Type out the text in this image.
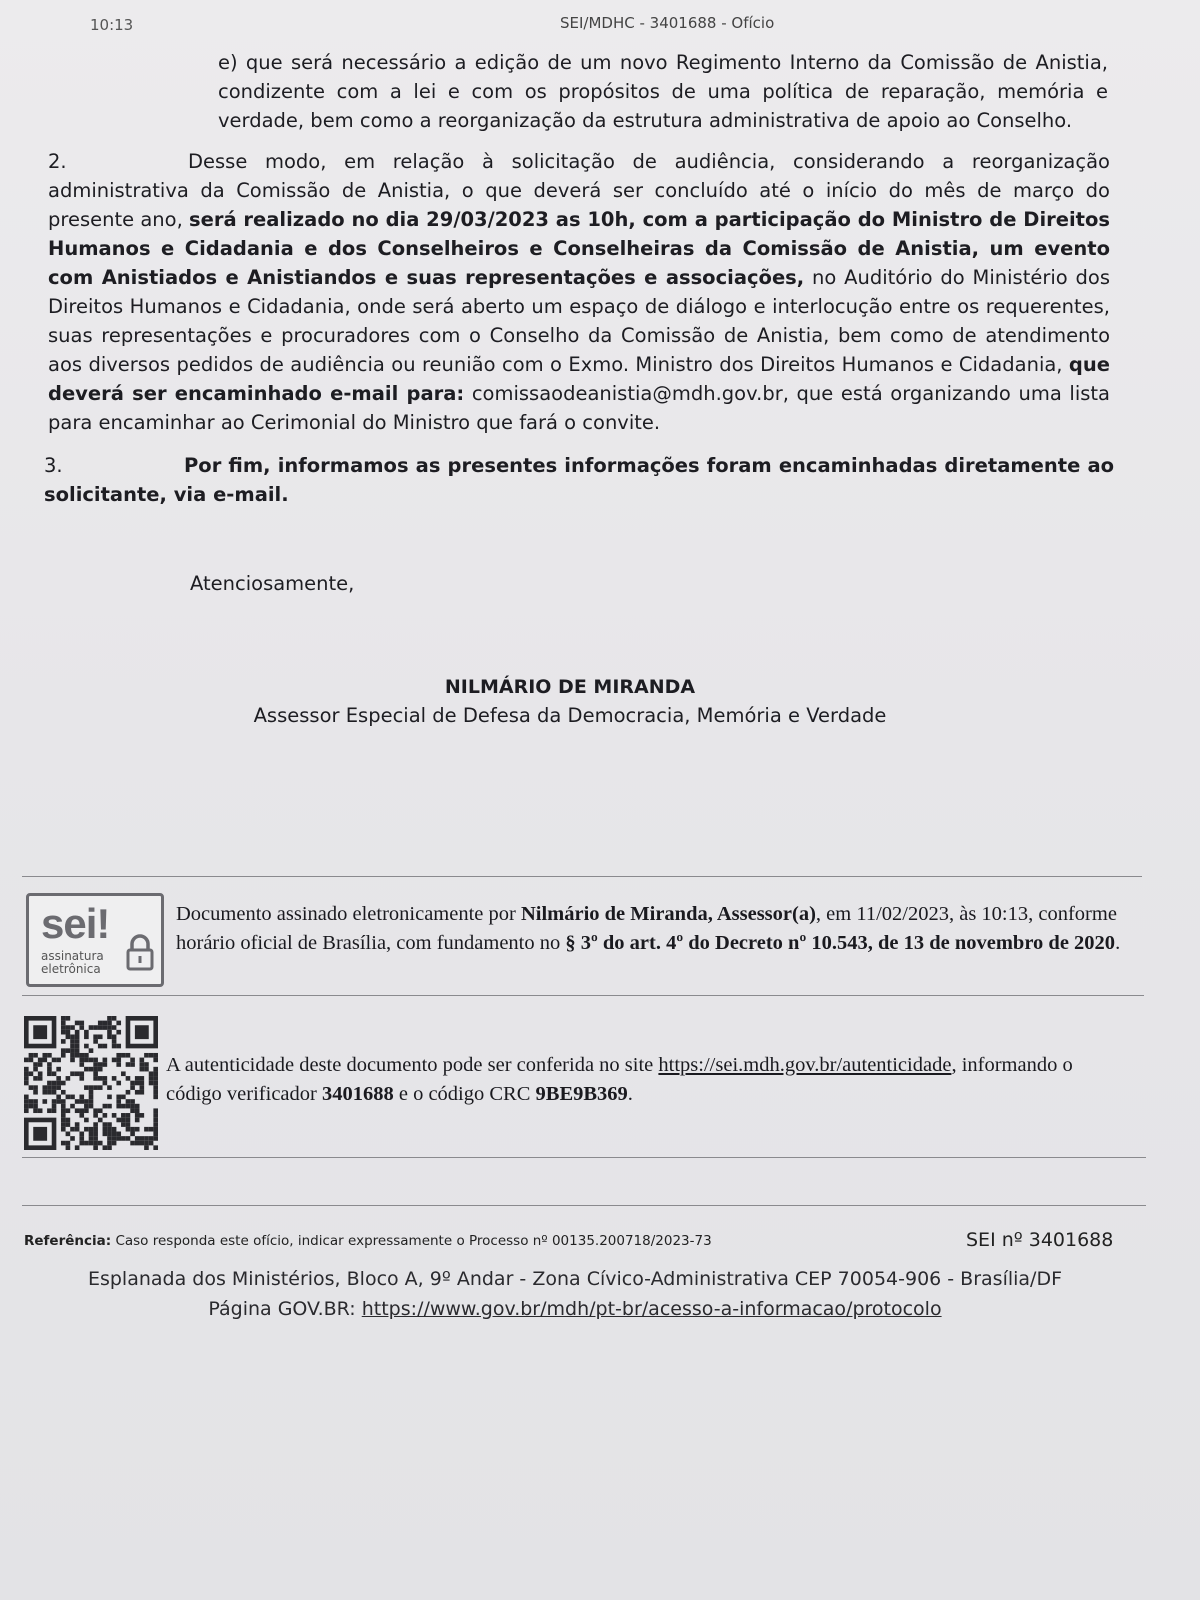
10:13	SEI/MDHC - 3401688 - Ofício
e) que será necessário a edição de um novo Regimento Interno da Comissão de Anistia, condizente com a lei e com os propósitos de uma política de reparação, memória e verdade, bem como a reorganização da estrutura administrativa de apoio ao Conselho.
2.	Desse modo, em relação à solicitação de audiência, considerando a reorganização administrativa da Comissão de Anistia, o que deverá ser concluído até o início do mês de março do presente ano, será realizado no dia 29/03/2023 as 10h, com a participação do Ministro de Direitos Humanos e Cidadania e dos Conselheiros e Conselheiras da Comissão de Anistia, um evento com Anistiados e Anistiandos e suas representações e associações, no Auditório do Ministério dos Direitos Humanos e Cidadania, onde será aberto um espaço de diálogo e interlocução entre os requerentes, suas representações e procuradores com o Conselho da Comissão de Anistia, bem como de atendimento aos diversos pedidos de audiência ou reunião com o Exmo. Ministro dos Direitos Humanos e Cidadania, que deverá ser encaminhado e-mail para: comissaodeanistia@mdh.gov.br, que está organizando uma lista para encaminhar ao Cerimonial do Ministro que fará o convite.
3.	Por fim, informamos as presentes informações foram encaminhadas diretamente ao solicitante, via e-mail.
Atenciosamente,
NILMÁRIO DE MIRANDA
Assessor Especial de Defesa da Democracia, Memória e Verdade
sei!
assinatura
eletrônica
Documento assinado eletronicamente por Nilmário de Miranda, Assessor(a), em 11/02/2023, às 10:13, conforme horário oficial de Brasília, com fundamento no § 3º do art. 4º do Decreto nº 10.543, de 13 de novembro de 2020.
A autenticidade deste documento pode ser conferida no site https://sei.mdh.gov.br/autenticidade, informando o código verificador 3401688 e o código CRC 9BE9B369.
Referência: Caso responda este ofício, indicar expressamente o Processo nº 00135.200718/2023-73	SEI nº 3401688
Esplanada dos Ministérios, Bloco A, 9º Andar - Zona Cívico-Administrativa CEP 70054-906 - Brasília/DF
Página GOV.BR: https://www.gov.br/mdh/pt-br/acesso-a-informacao/protocolo
